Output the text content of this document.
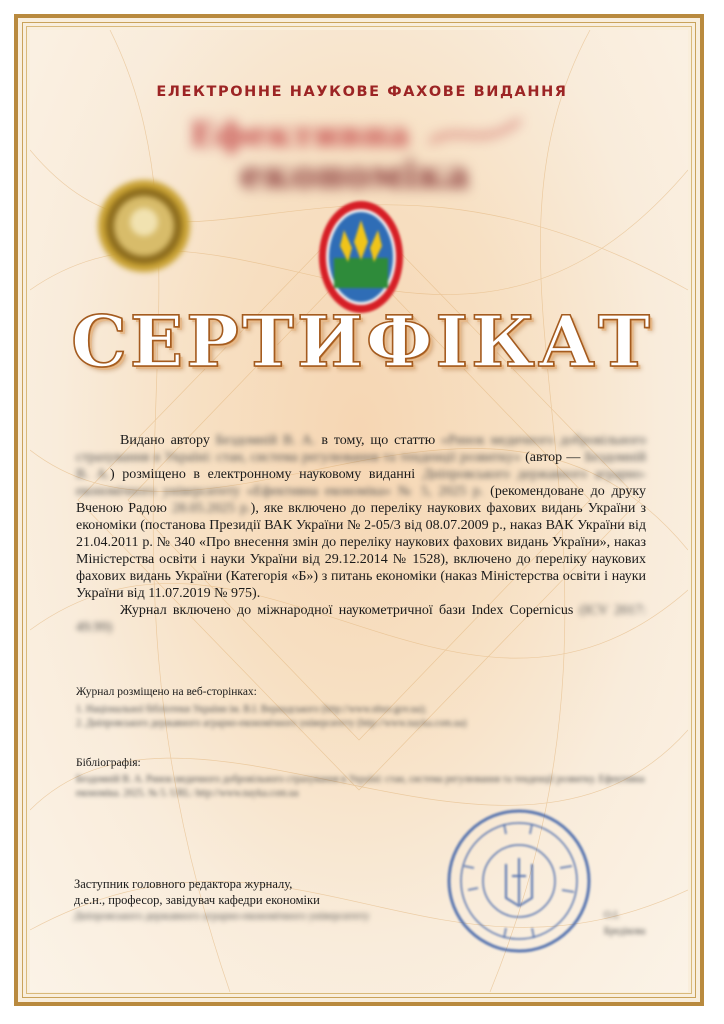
ЕЛЕКТРОННЕ НАУКОВЕ ФАХОВЕ ВИДАННЯ
Ефективна
економіка
СЕРТИФІКАТ

Видано автору Бездомній В. А. в тому, що статтю «Ринок медичного добровільного страхування в Україні: стан, система регулювання та тенденції розвитку» (автор — Бездомній В. А.) розміщено в електронному науковому виданні Дніпровського державного аграрно-економічного університету «Ефективна економіка» № 5, 2025 р. (рекомендоване до друку Вченою Радою 28.05.2025 р.), яке включено до переліку наукових фахових видань України з економіки (постанова Президії ВАК України № 2-05/3 від 08.07.2009 р., наказ ВАК України від 21.04.2011 р. № 340 «Про внесення змін до переліку наукових фахових видань України», наказ Міністерства освіти і науки України від 29.12.2014 № 1528), включено до переліку наукових фахових видань України (Категорія «Б») з питань економіки (наказ Міністерства освіти і науки України від 11.07.2019 № 975).

Журнал включено до міжнародної наукометричної бази Index Copernicus (ICV 2017: 49.99)

Журнал розміщено на веб-сторінках:
1. Національної бібліотеки України ім. В.І. Вернадського (http://www.nbuv.gov.ua);
2. Дніпровського державного аграрно-економічного університету (http://www.nayka.com.ua)
Бібліографія:
Бездомній В. А. Ринок медичного добровільного страхування в Україні: стан, система регулювання та тенденції розвитку. Ефективна економіка. 2025. № 5. URL: http://www.nayka.com.ua
Заступник головного редактора журналу,
д.е.н., професор, завідувач кафедри економіки
Дніпровського державного аграрно-економічного університету	О.І. Бредікова
